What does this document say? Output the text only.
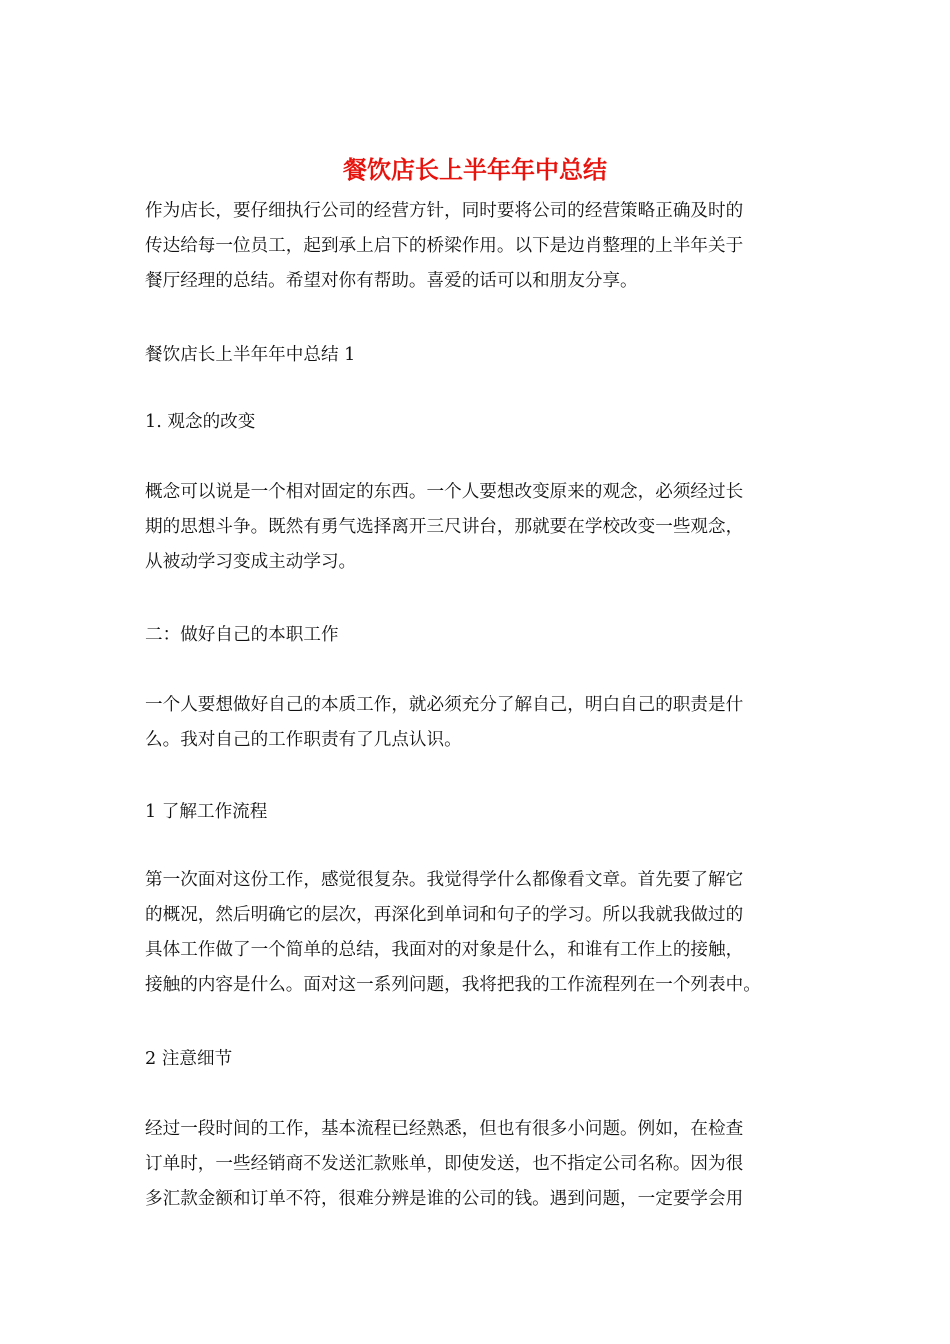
餐饮店长上半年年中总结
作为店长，要仔细执行公司的经营方针，同时要将公司的经营策略正确及时的
传达给每一位员工，起到承上启下的桥梁作用。以下是边肖整理的上半年关于
餐厅经理的总结。希望对你有帮助。喜爱的话可以和朋友分享。
餐饮店长上半年年中总结 1
1. 观念的改变
概念可以说是一个相对固定的东西。一个人要想改变原来的观念，必须经过长
期的思想斗争。既然有勇气选择离开三尺讲台，那就要在学校改变一些观念，
从被动学习变成主动学习。
二：做好自己的本职工作
一个人要想做好自己的本质工作，就必须充分了解自己，明白自己的职责是什
么。我对自己的工作职责有了几点认识。
1 了解工作流程
第一次面对这份工作，感觉很复杂。我觉得学什么都像看文章。首先要了解它
的概况，然后明确它的层次，再深化到单词和句子的学习。所以我就我做过的
具体工作做了一个简单的总结，我面对的对象是什么，和谁有工作上的接触，
接触的内容是什么。面对这一系列问题，我将把我的工作流程列在一个列表中。
2 注意细节
经过一段时间的工作，基本流程已经熟悉，但也有很多小问题。例如，在检查
订单时，一些经销商不发送汇款账单，即使发送，也不指定公司名称。因为很
多汇款金额和订单不符，很难分辨是谁的公司的钱。遇到问题，一定要学会用
